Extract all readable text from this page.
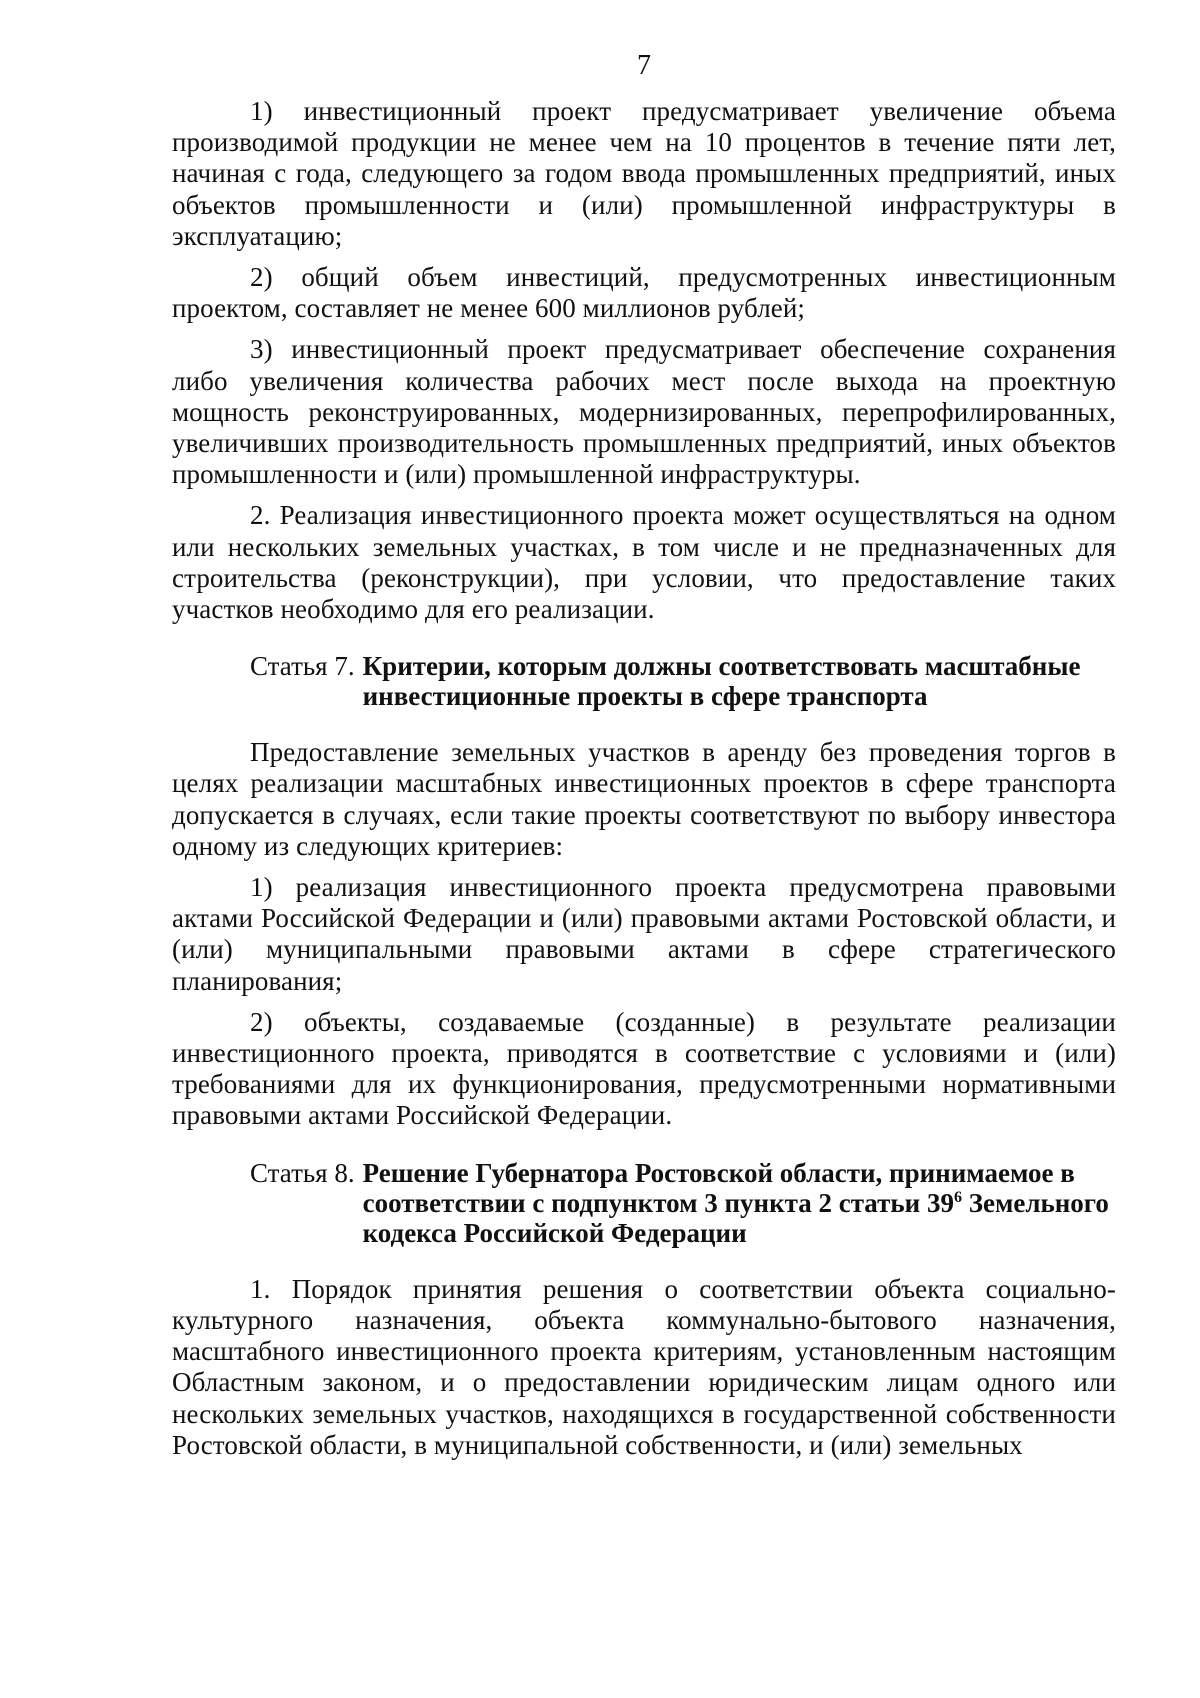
7

1) инвестиционный проект предусматривает увеличение объема производимой продукции не менее чем на 10 процентов в течение пяти лет, начиная с года, следующего за годом ввода промышленных предприятий, иных объектов промышленности и (или) промышленной инфраструктуры в эксплуатацию;

2) общий объем инвестиций, предусмотренных инвестиционным проектом, составляет не менее 600 миллионов рублей;

3) инвестиционный проект предусматривает обеспечение сохранения либо увеличения количества рабочих мест после выхода на проектную мощность реконструированных, модернизированных, перепрофилированных, увеличивших производительность промышленных предприятий, иных объектов промышленности и (или) промышленной инфраструктуры.

2. Реализация инвестиционного проекта может осуществляться на одном или нескольких земельных участках, в том числе и не предназначенных для строительства (реконструкции), при условии, что предоставление таких участков необходимо для его реализации.

Статья 7. Критерии, которым должны соответствовать масштабные инвестиционные проекты в сфере транспорта

Предоставление земельных участков в аренду без проведения торгов в целях реализации масштабных инвестиционных проектов в сфере транспорта допускается в случаях, если такие проекты соответствуют по выбору инвестора одному из следующих критериев:

1) реализация инвестиционного проекта предусмотрена правовыми актами Российской Федерации и (или) правовыми актами Ростовской области, и (или) муниципальными правовыми актами в сфере стратегического планирования;

2) объекты, создаваемые (созданные) в результате реализации инвестиционного проекта, приводятся в соответствие с условиями и (или) требованиями для их функционирования, предусмотренными нормативными правовыми актами Российской Федерации.

Статья 8. Решение Губернатора Ростовской области, принимаемое в соответствии с подпунктом 3 пункта 2 статьи $39^6$ Земельного кодекса Российской Федерации

1. Порядок принятия решения о соответствии объекта социально-культурного назначения, объекта коммунально-бытового назначения, масштабного инвестиционного проекта критериям, установленным настоящим Областным законом, и о предоставлении юридическим лицам одного или нескольких земельных участков, находящихся в государственной собственности Ростовской области, в муниципальной собственности, и (или) земельных
